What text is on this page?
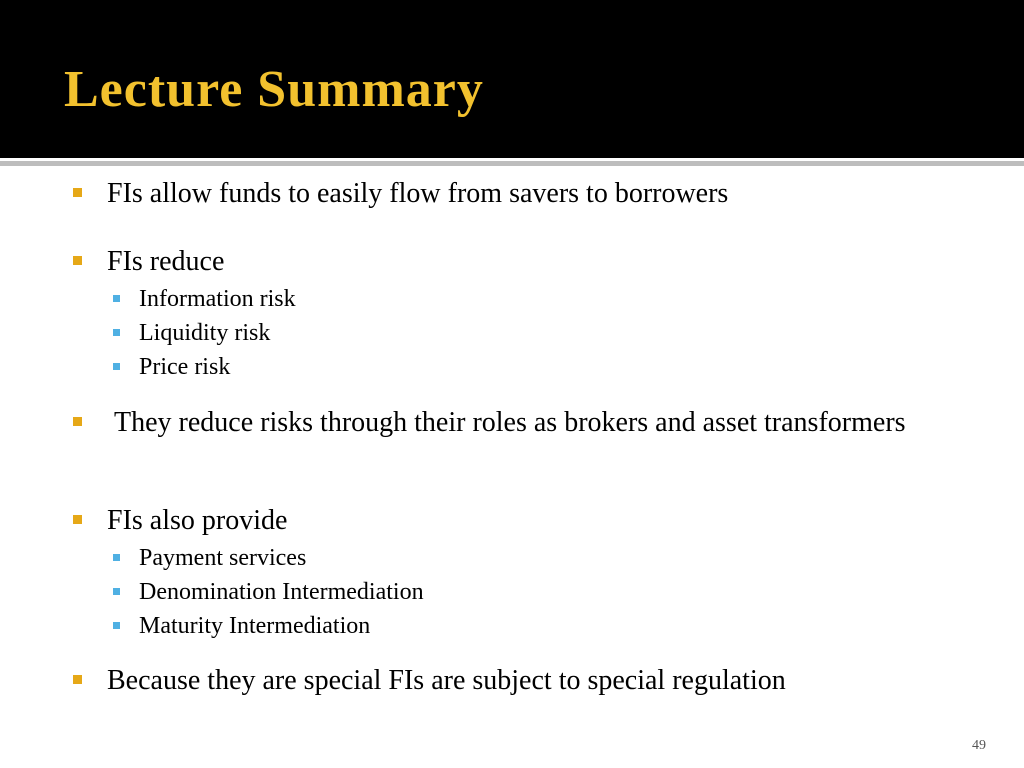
Lecture Summary
FIs allow funds to easily flow from savers to borrowers
FIs reduce
Information risk
Liquidity risk
Price risk
They reduce risks through their roles as brokers and asset transformers
FIs also provide
Payment services
Denomination Intermediation
Maturity Intermediation
Because they are special FIs are subject to special regulation
49
